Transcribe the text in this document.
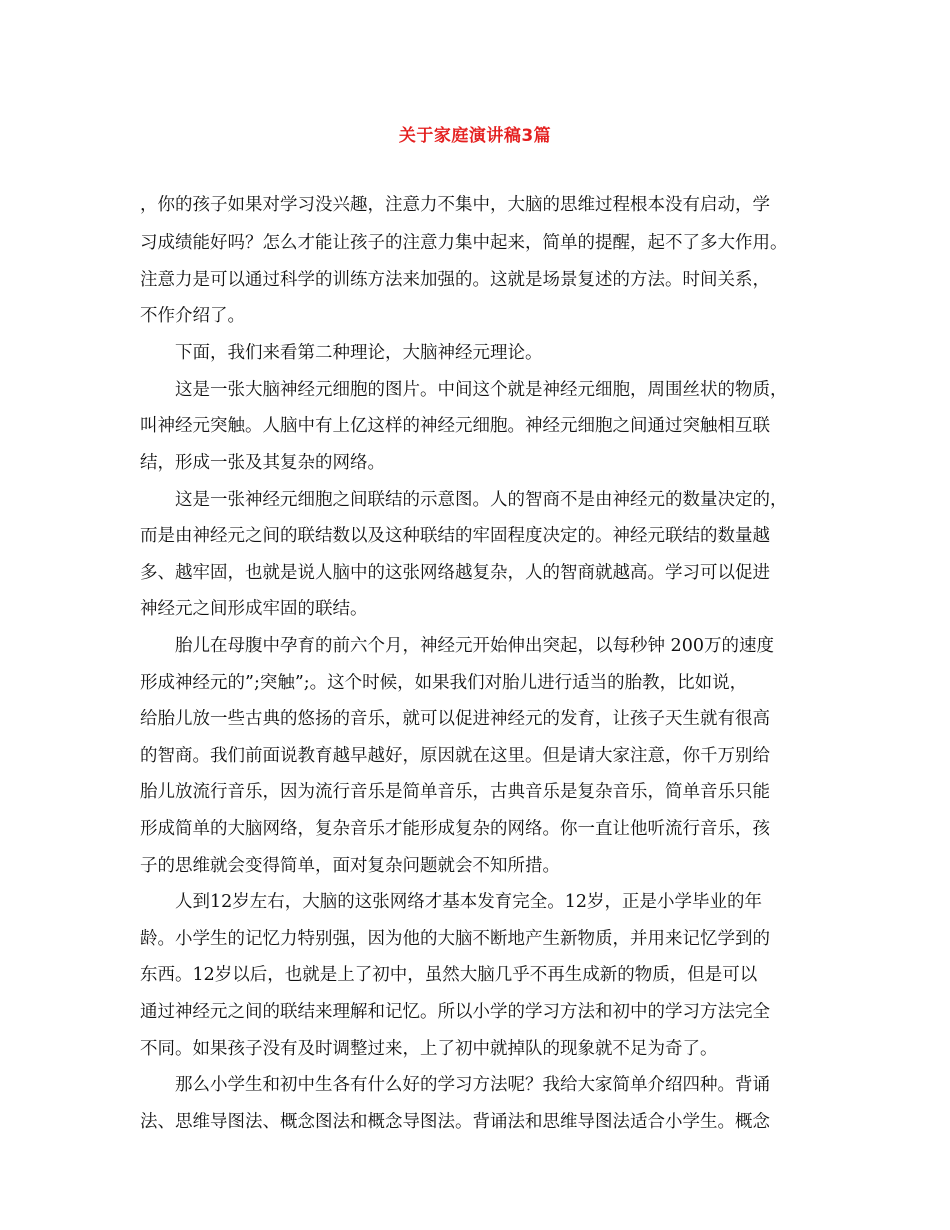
关于家庭演讲稿3篇
，你的孩子如果对学习没兴趣，注意力不集中，大脑的思维过程根本没有启动，学
习成绩能好吗？怎么才能让孩子的注意力集中起来，简单的提醒，起不了多大作用。
注意力是可以通过科学的训练方法来加强的。这就是场景复述的方法。时间关系，
不作介绍了。
下面，我们来看第二种理论，大脑神经元理论。
这是一张大脑神经元细胞的图片。中间这个就是神经元细胞，周围丝状的物质，
叫神经元突触。人脑中有上亿这样的神经元细胞。神经元细胞之间通过突触相互联
结，形成一张及其复杂的网络。
这是一张神经元细胞之间联结的示意图。人的智商不是由神经元的数量决定的，
而是由神经元之间的联结数以及这种联结的牢固程度决定的。神经元联结的数量越
多、越牢固，也就是说人脑中的这张网络越复杂，人的智商就越高。学习可以促进
神经元之间形成牢固的联结。
胎儿在母腹中孕育的前六个月，神经元开始伸出突起，以每秒钟 200万的速度
形成神经元的”;突触”;。这个时候，如果我们对胎儿进行适当的胎教，比如说，
给胎儿放一些古典的悠扬的音乐，就可以促进神经元的发育，让孩子天生就有很高
的智商。我们前面说教育越早越好，原因就在这里。但是请大家注意，你千万别给
胎儿放流行音乐，因为流行音乐是简单音乐，古典音乐是复杂音乐，简单音乐只能
形成简单的大脑网络，复杂音乐才能形成复杂的网络。你一直让他听流行音乐，孩
子的思维就会变得简单，面对复杂问题就会不知所措。
人到12岁左右，大脑的这张网络才基本发育完全。12岁，正是小学毕业的年
龄。小学生的记忆力特别强，因为他的大脑不断地产生新物质，并用来记忆学到的
东西。12岁以后，也就是上了初中，虽然大脑几乎不再生成新的物质，但是可以
通过神经元之间的联结来理解和记忆。所以小学的学习方法和初中的学习方法完全
不同。如果孩子没有及时调整过来，上了初中就掉队的现象就不足为奇了。
那么小学生和初中生各有什么好的学习方法呢？我给大家简单介绍四种。背诵
法、思维导图法、概念图法和概念导图法。背诵法和思维导图法适合小学生。概念
